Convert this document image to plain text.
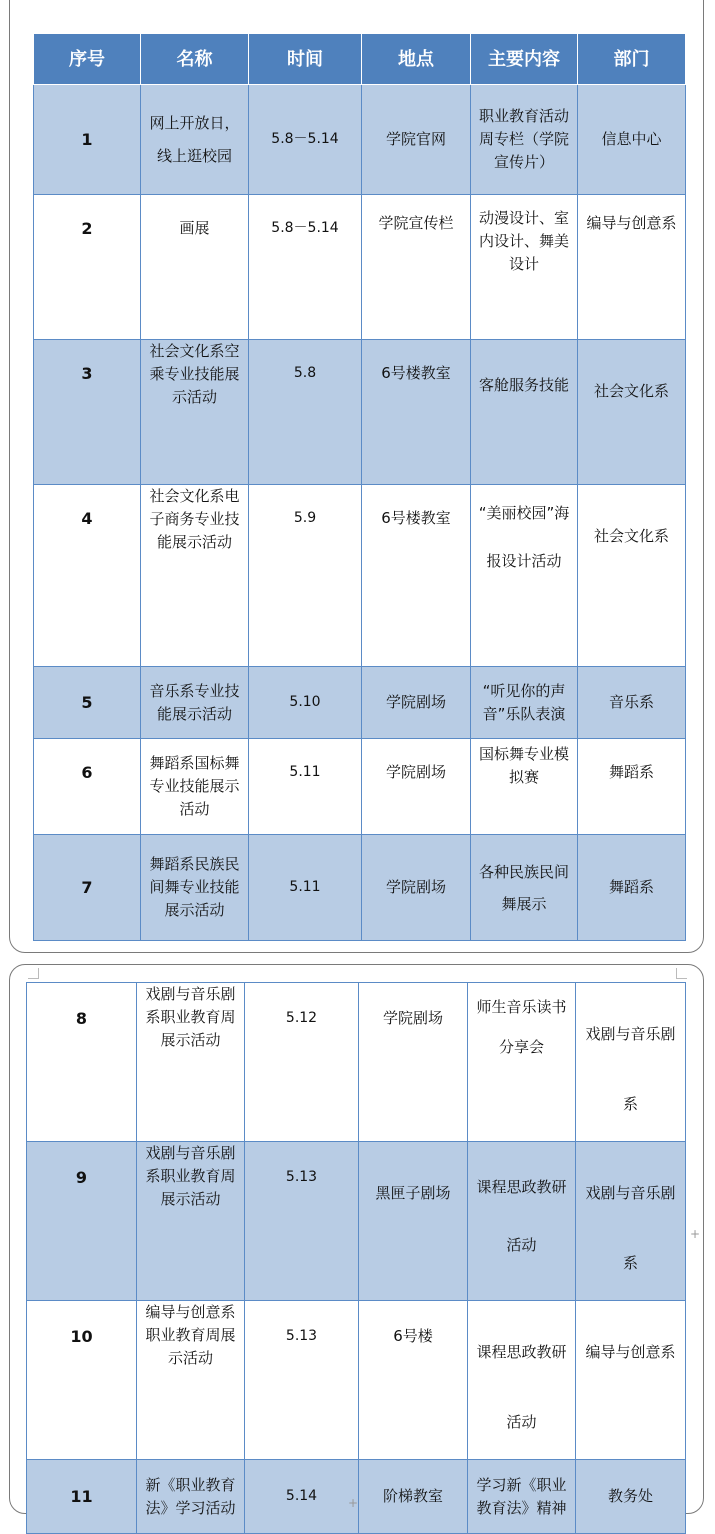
序号	名称	时间	地点	主要内容	部门
1	网上开放日，线上逛校园	5.8－5.14	学院官网	职业教育活动周专栏（学院宣传片）	信息中心
2	画展	5.8－5.14	学院宣传栏	动漫设计、室内设计、舞美设计	编导与创意系
3	社会文化系空乘专业技能展示活动	5.8	6号楼教室	客舱服务技能	社会文化系
4	社会文化系电子商务专业技能展示活动	5.9	6号楼教室	“美丽校园”海报设计活动	社会文化系
5	音乐系专业技能展示活动	5.10	学院剧场	“听见你的声音”乐队表演	音乐系
6	舞蹈系国标舞专业技能展示活动	5.11	学院剧场	国标舞专业模拟赛	舞蹈系
7	舞蹈系民族民间舞专业技能展示活动	5.11	学院剧场	各种民族民间舞展示	舞蹈系
8	戏剧与音乐剧系职业教育周展示活动	5.12	学院剧场	师生音乐读书分享会	戏剧与音乐剧系
9	戏剧与音乐剧系职业教育周展示活动	5.13	黑匣子剧场	课程思政教研活动	戏剧与音乐剧系
10	编导与创意系职业教育周展示活动	5.13	6号楼	课程思政教研活动	编导与创意系
11	新《职业教育法》学习活动	5.14	阶梯教室	学习新《职业教育法》精神	教务处
+
+
